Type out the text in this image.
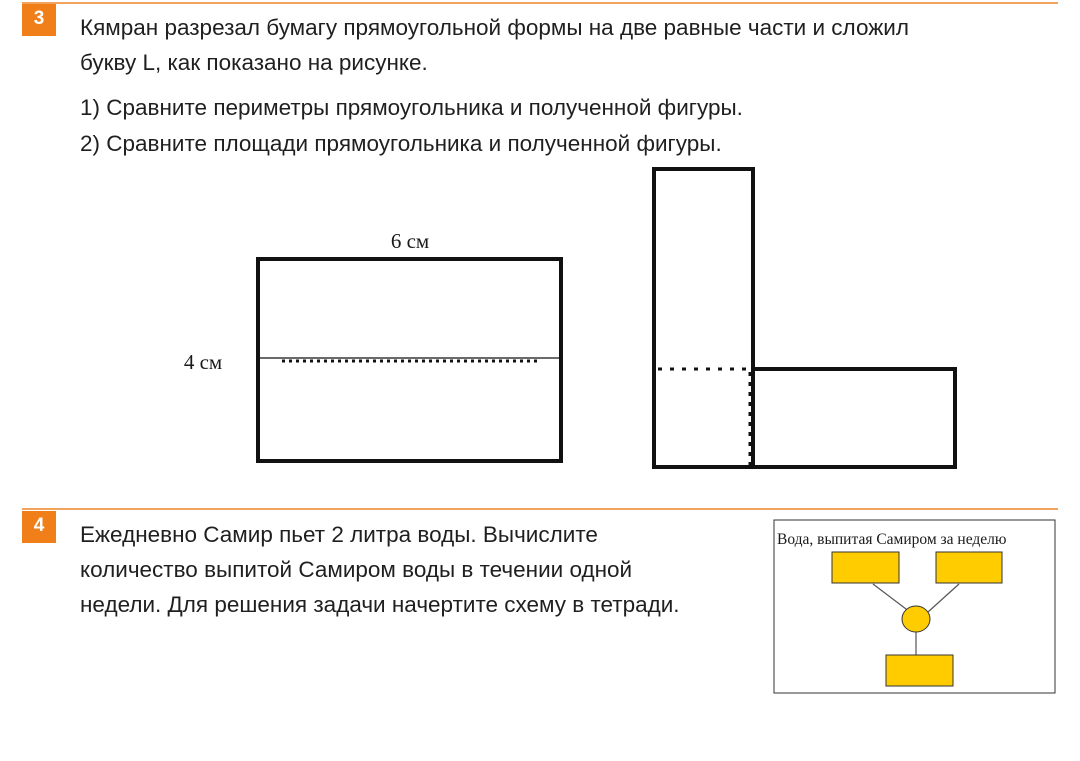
3	Кямран разрезал бумагу прямоугольной формы на две равные части и сложил
букву L, как показано на рисунке.
1) Сравните периметры прямоугольника и полученной фигуры.
2) Сравните площади прямоугольника и полученной фигуры.
6 см
4 см
4	Ежедневно Самир пьет 2 литра воды. Вычислите
количество выпитой Самиром воды в течении одной
недели. Для решения задачи начертите схему в тетради.
Вода, выпитая Самиром за неделю
